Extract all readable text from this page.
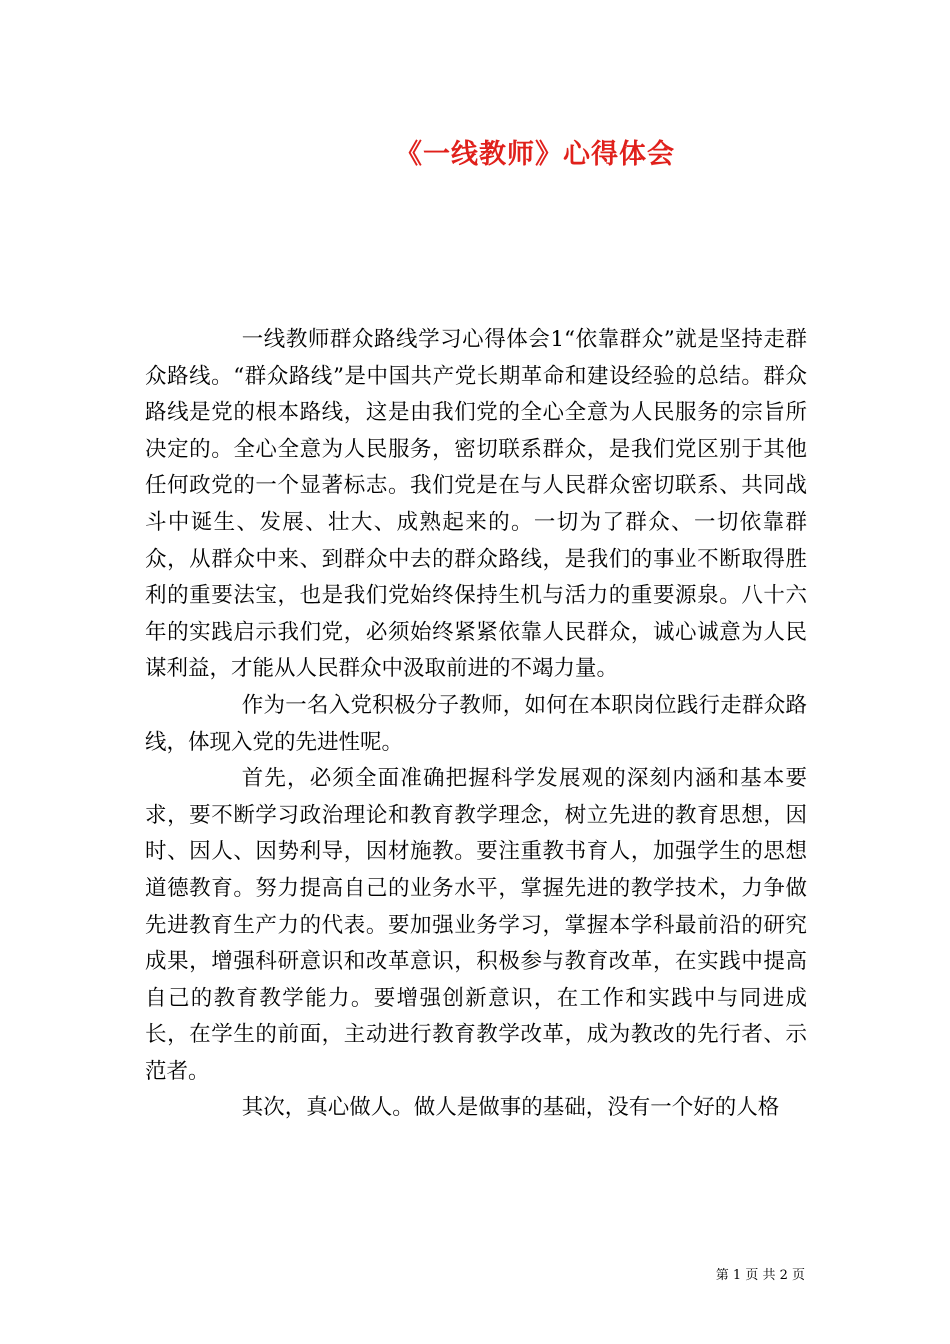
《一线教师》心得体会

一线教师群众路线学习心得体会1“依靠群众”就是坚持走群众路线。“群众路线”是中国共产党长期革命和建设经验的总结。群众路线是党的根本路线，这是由我们党的全心全意为人民服务的宗旨所决定的。全心全意为人民服务，密切联系群众，是我们党区别于其他任何政党的一个显著标志。我们党是在与人民群众密切联系、共同战斗中诞生、发展、壮大、成熟起来的。一切为了群众、一切依靠群众，从群众中来、到群众中去的群众路线，是我们的事业不断取得胜利的重要法宝，也是我们党始终保持生机与活力的重要源泉。八十六年的实践启示我们党，必须始终紧紧依靠人民群众，诚心诚意为人民谋利益，才能从人民群众中汲取前进的不竭力量。

作为一名入党积极分子教师，如何在本职岗位践行走群众路线，体现入党的先进性呢。

首先，必须全面准确把握科学发展观的深刻内涵和基本要求，要不断学习政治理论和教育教学理念，树立先进的教育思想，因时、因人、因势利导，因材施教。要注重教书育人，加强学生的思想道德教育。努力提高自己的业务水平，掌握先进的教学技术，力争做先进教育生产力的代表。要加强业务学习，掌握本学科最前沿的研究成果，增强科研意识和改革意识，积极参与教育改革，在实践中提高自己的教育教学能力。要增强创新意识，在工作和实践中与同进成长，在学生的前面，主动进行教育教学改革，成为教改的先行者、示范者。

其次，真心做人。做人是做事的基础，没有一个好的人格

第 1 页 共 2 页
